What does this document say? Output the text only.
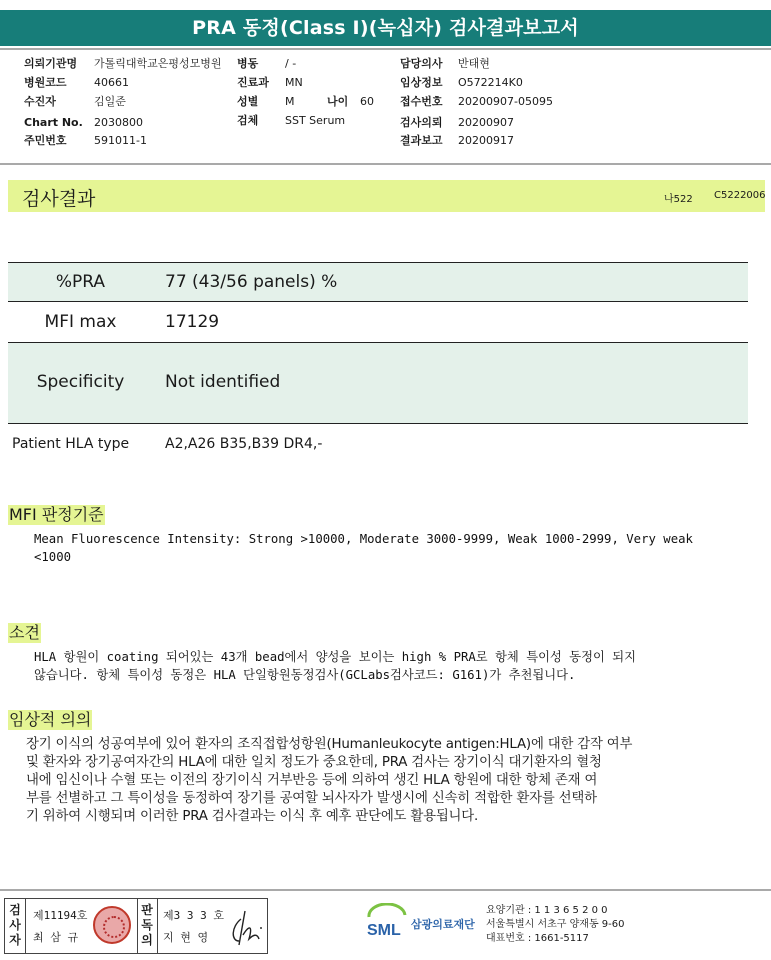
PRA 동정(Class I)(녹십자) 검사결과보고서
의뢰기관명 가톨릭대학교은평성모병원 병동 / -	담당의사 반태현
병원코드 40661	진료과 MN	임상정보 O572214K0
수진자	김일준	성별 M	나이 60 접수번호 20200907-05095
Chart No. 2030800	검체 SST Serum	검사의뢰 20200907
주민번호 591011-1	결과보고 20200917
검사결과	나522 C5222006
%PRA	77 (43/56 panels) %
MFI max	17129
Specificity	Not identified
Patient HLA type	A2,A26 B35,B39 DR4,-
MFI 판정기준
Mean Fluorescence Intensity: Strong >10000, Moderate 3000-9999, Weak 1000-2999, Very weak
<1000
소견
HLA 항원이 coating 되어있는 43개 bead에서 양성을 보이는 high % PRA로 항체 특이성 동정이 되지
않습니다. 항체 특이성 동정은 HLA 단일항원동정검사(GCLabs검사코드: G161)가 추천됩니다.
임상적 의의
장기 이식의 성공여부에 있어 환자의 조직접합성항원(Humanleukocyte antigen:HLA)에 대한 감작 여부
및 환자와 장기공여자간의 HLA에 대한 일치 정도가 중요한데, PRA 검사는 장기이식 대기환자의 혈청
내에 임신이나 수혈 또는 이전의 장기이식 거부반응 등에 의하여 생긴 HLA 항원에 대한 항체 존재 여
부를 선별하고 그 특이성을 동정하여 장기를 공여할 뇌사자가 발생시에 신속히 적합한 환자를 선택하
기 위하여 시행되며 이러한 PRA 검사결과는 이식 후 예후 판단에도 활용됩니다.
검
사
자
제11194호
최 삼 규
판
독
의
제3 3 3 호
지 현 영	SML 삼광의료재단
요양기관 : 1 1 3 6 5 2 0 0
서울특별시 서초구 양재동 9-60
대표번호 : 1661-5117
